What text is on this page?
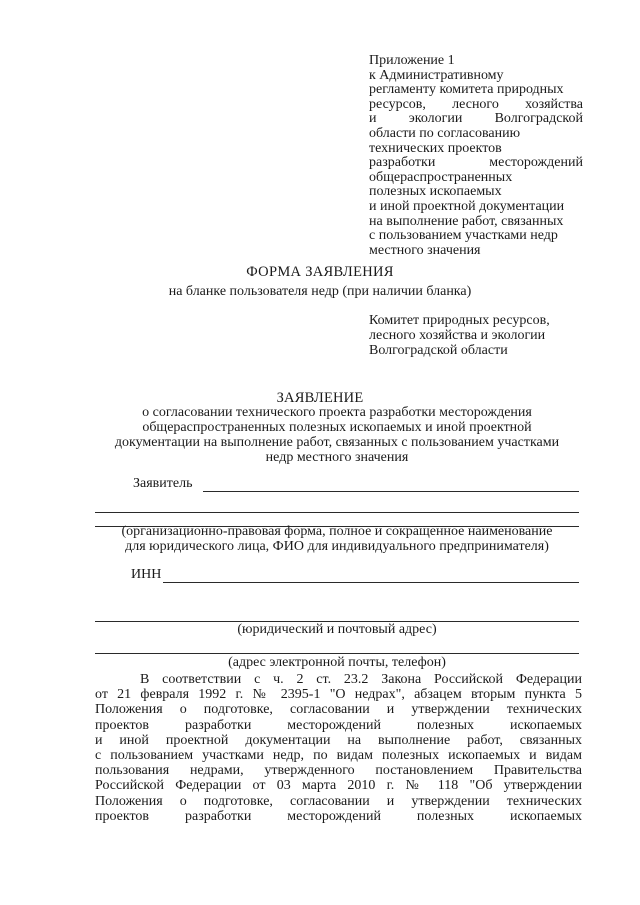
Приложение 1
к Административному
регламенту комитета природных
ресурсов, лесного хозяйства
и экологии Волгоградской
области по согласованию
технических проектов
разработки месторождений
общераспространенных
полезных ископаемых
и иной проектной документации
на выполнение работ, связанных
с пользованием участками недр
местного значения
ФОРМА ЗАЯВЛЕНИЯ
на бланке пользователя недр (при наличии бланка)
Комитет природных ресурсов,
лесного хозяйства и экологии
Волгоградской области
ЗАЯВЛЕНИЕ
о согласовании технического проекта разработки месторождения
общераспространенных полезных ископаемых и иной проектной
документации на выполнение работ, связанных с пользованием участками
недр местного значения
Заявитель
(организационно-правовая форма, полное и сокращенное наименование
для юридического лица, ФИО для индивидуального предпринимателя)
ИНН
(юридический и почтовый адрес)
(адрес электронной почты, телефон)
В соответствии с ч. 2 ст. 23.2 Закона Российской Федерации
от 21 февраля 1992 г. № 2395-1 "О недрах", абзацем вторым пункта 5
Положения о подготовке, согласовании и утверждении технических
проектов разработки месторождений полезных ископаемых
и иной проектной документации на выполнение работ, связанных
с пользованием участками недр, по видам полезных ископаемых и видам
пользования недрами, утвержденного постановлением Правительства
Российской Федерации от 03 марта 2010 г. № 118 "Об утверждении
Положения о подготовке, согласовании и утверждении технических
проектов разработки месторождений полезных ископаемых
